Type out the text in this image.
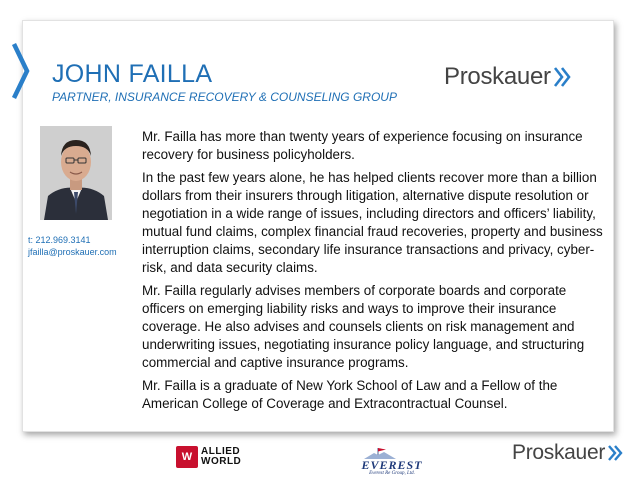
JOHN FAILLA
PARTNER, INSURANCE RECOVERY & COUNSELING GROUP
Proskauer
t: 212.969.3141
jfailla@proskauer.com

Mr. Failla has more than twenty years of experience focusing on insurance recovery for business policyholders.

In the past few years alone, he has helped clients recover more than a billion dollars from their insurers through litigation, alternative dispute resolution or negotiation in a wide range of issues, including directors and officers’ liability, mutual fund claims, complex financial fraud recoveries, property and business interruption claims, secondary life insurance transactions and privacy, cyber-risk, and data security claims.

Mr. Failla regularly advises members of corporate boards and corporate officers on emerging liability risks and ways to improve their insurance coverage. He also advises and counsels clients on risk management and underwriting issues, negotiating insurance policy language, and structuring commercial and captive insurance programs.

Mr. Failla is a graduate of New York School of Law and a Fellow of the American College of Coverage and Extracontractual Counsel.

W ALLIED
WORLD	EVEREST
Everest Re Group, Ltd.
Proskauer
